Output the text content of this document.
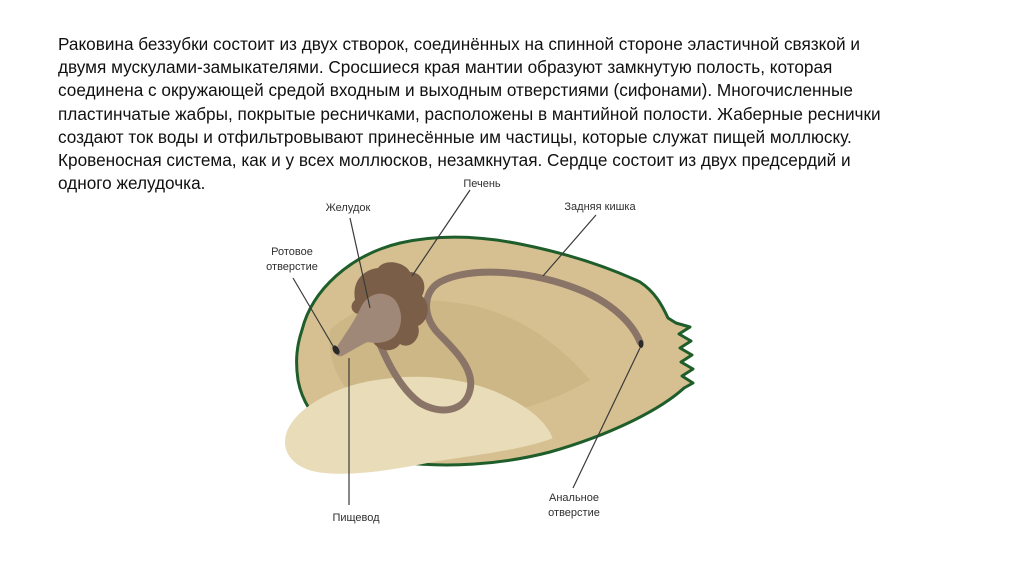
Раковина беззубки состоит из двух створок, соединённых на спинной стороне эластичной связкой и
двумя мускулами-замыкателями. Сросшиеся края мантии образуют замкнутую полость, которая
соединена с окружающей средой входным и выходным отверстиями (сифонами). Многочисленные
пластинчатые жабры, покрытые ресничками, расположены в мантийной полости. Жаберные реснички
создают ток воды и отфильтровывают принесённые им частицы, которые служат пищей моллюску.
Кровеносная система, как и у всех моллюсков, незамкнутая. Сердце состоит из двух предсердий и
одного желудочка.
Желудок
Печень
Задняя кишка
Ротовое
отверстие
Пищевод
Анальное
отверстие
